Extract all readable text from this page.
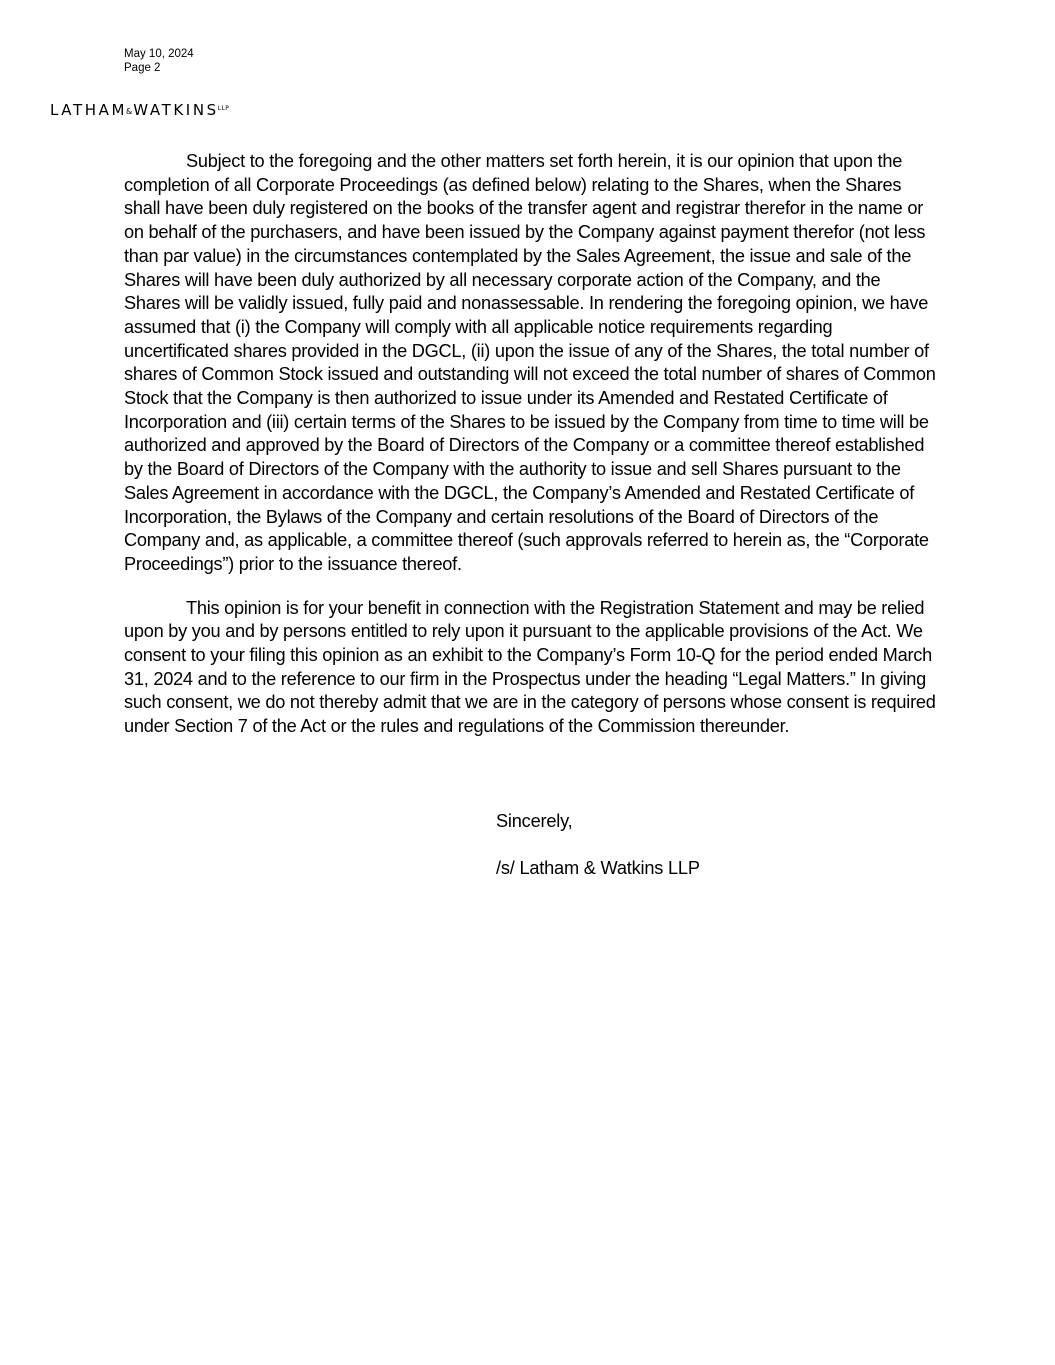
May 10, 2024
Page 2
$LATHAM\&WATKINS^{LLP}$

Subject to the foregoing and the other matters set forth herein, it is our opinion that upon the completion of all Corporate Proceedings (as defined below) relating to the Shares, when the Shares shall have been duly registered on the books of the transfer agent and registrar therefor in the name or on behalf of the purchasers, and have been issued by the Company against payment therefor (not less than par value) in the circumstances contemplated by the Sales Agreement, the issue and sale of the Shares will have been duly authorized by all necessary corporate action of the Company, and the Shares will be validly issued, fully paid and nonassessable. In rendering the foregoing opinion, we have assumed that (i) the Company will comply with all applicable notice requirements regarding uncertificated shares provided in the DGCL, (ii) upon the issue of any of the Shares, the total number of shares of Common Stock issued and outstanding will not exceed the total number of shares of Common Stock that the Company is then authorized to issue under its Amended and Restated Certificate of Incorporation and (iii) certain terms of the Shares to be issued by the Company from time to time will be authorized and approved by the Board of Directors of the Company or a committee thereof established by the Board of Directors of the Company with the authority to issue and sell Shares pursuant to the Sales Agreement in accordance with the DGCL, the Company’s Amended and Restated Certificate of Incorporation, the Bylaws of the Company and certain resolutions of the Board of Directors of the Company and, as applicable, a committee thereof (such approvals referred to herein as, the “Corporate Proceedings”) prior to the issuance thereof.

This opinion is for your benefit in connection with the Registration Statement and may be relied upon by you and by persons entitled to rely upon it pursuant to the applicable provisions of the Act. We consent to your filing this opinion as an exhibit to the Company’s Form 10-Q for the period ended March 31, 2024 and to the reference to our firm in the Prospectus under the heading “Legal Matters.” In giving such consent, we do not thereby admit that we are in the category of persons whose consent is required under Section 7 of the Act or the rules and regulations of the Commission thereunder.

Sincerely,
/s/ Latham & Watkins LLP
